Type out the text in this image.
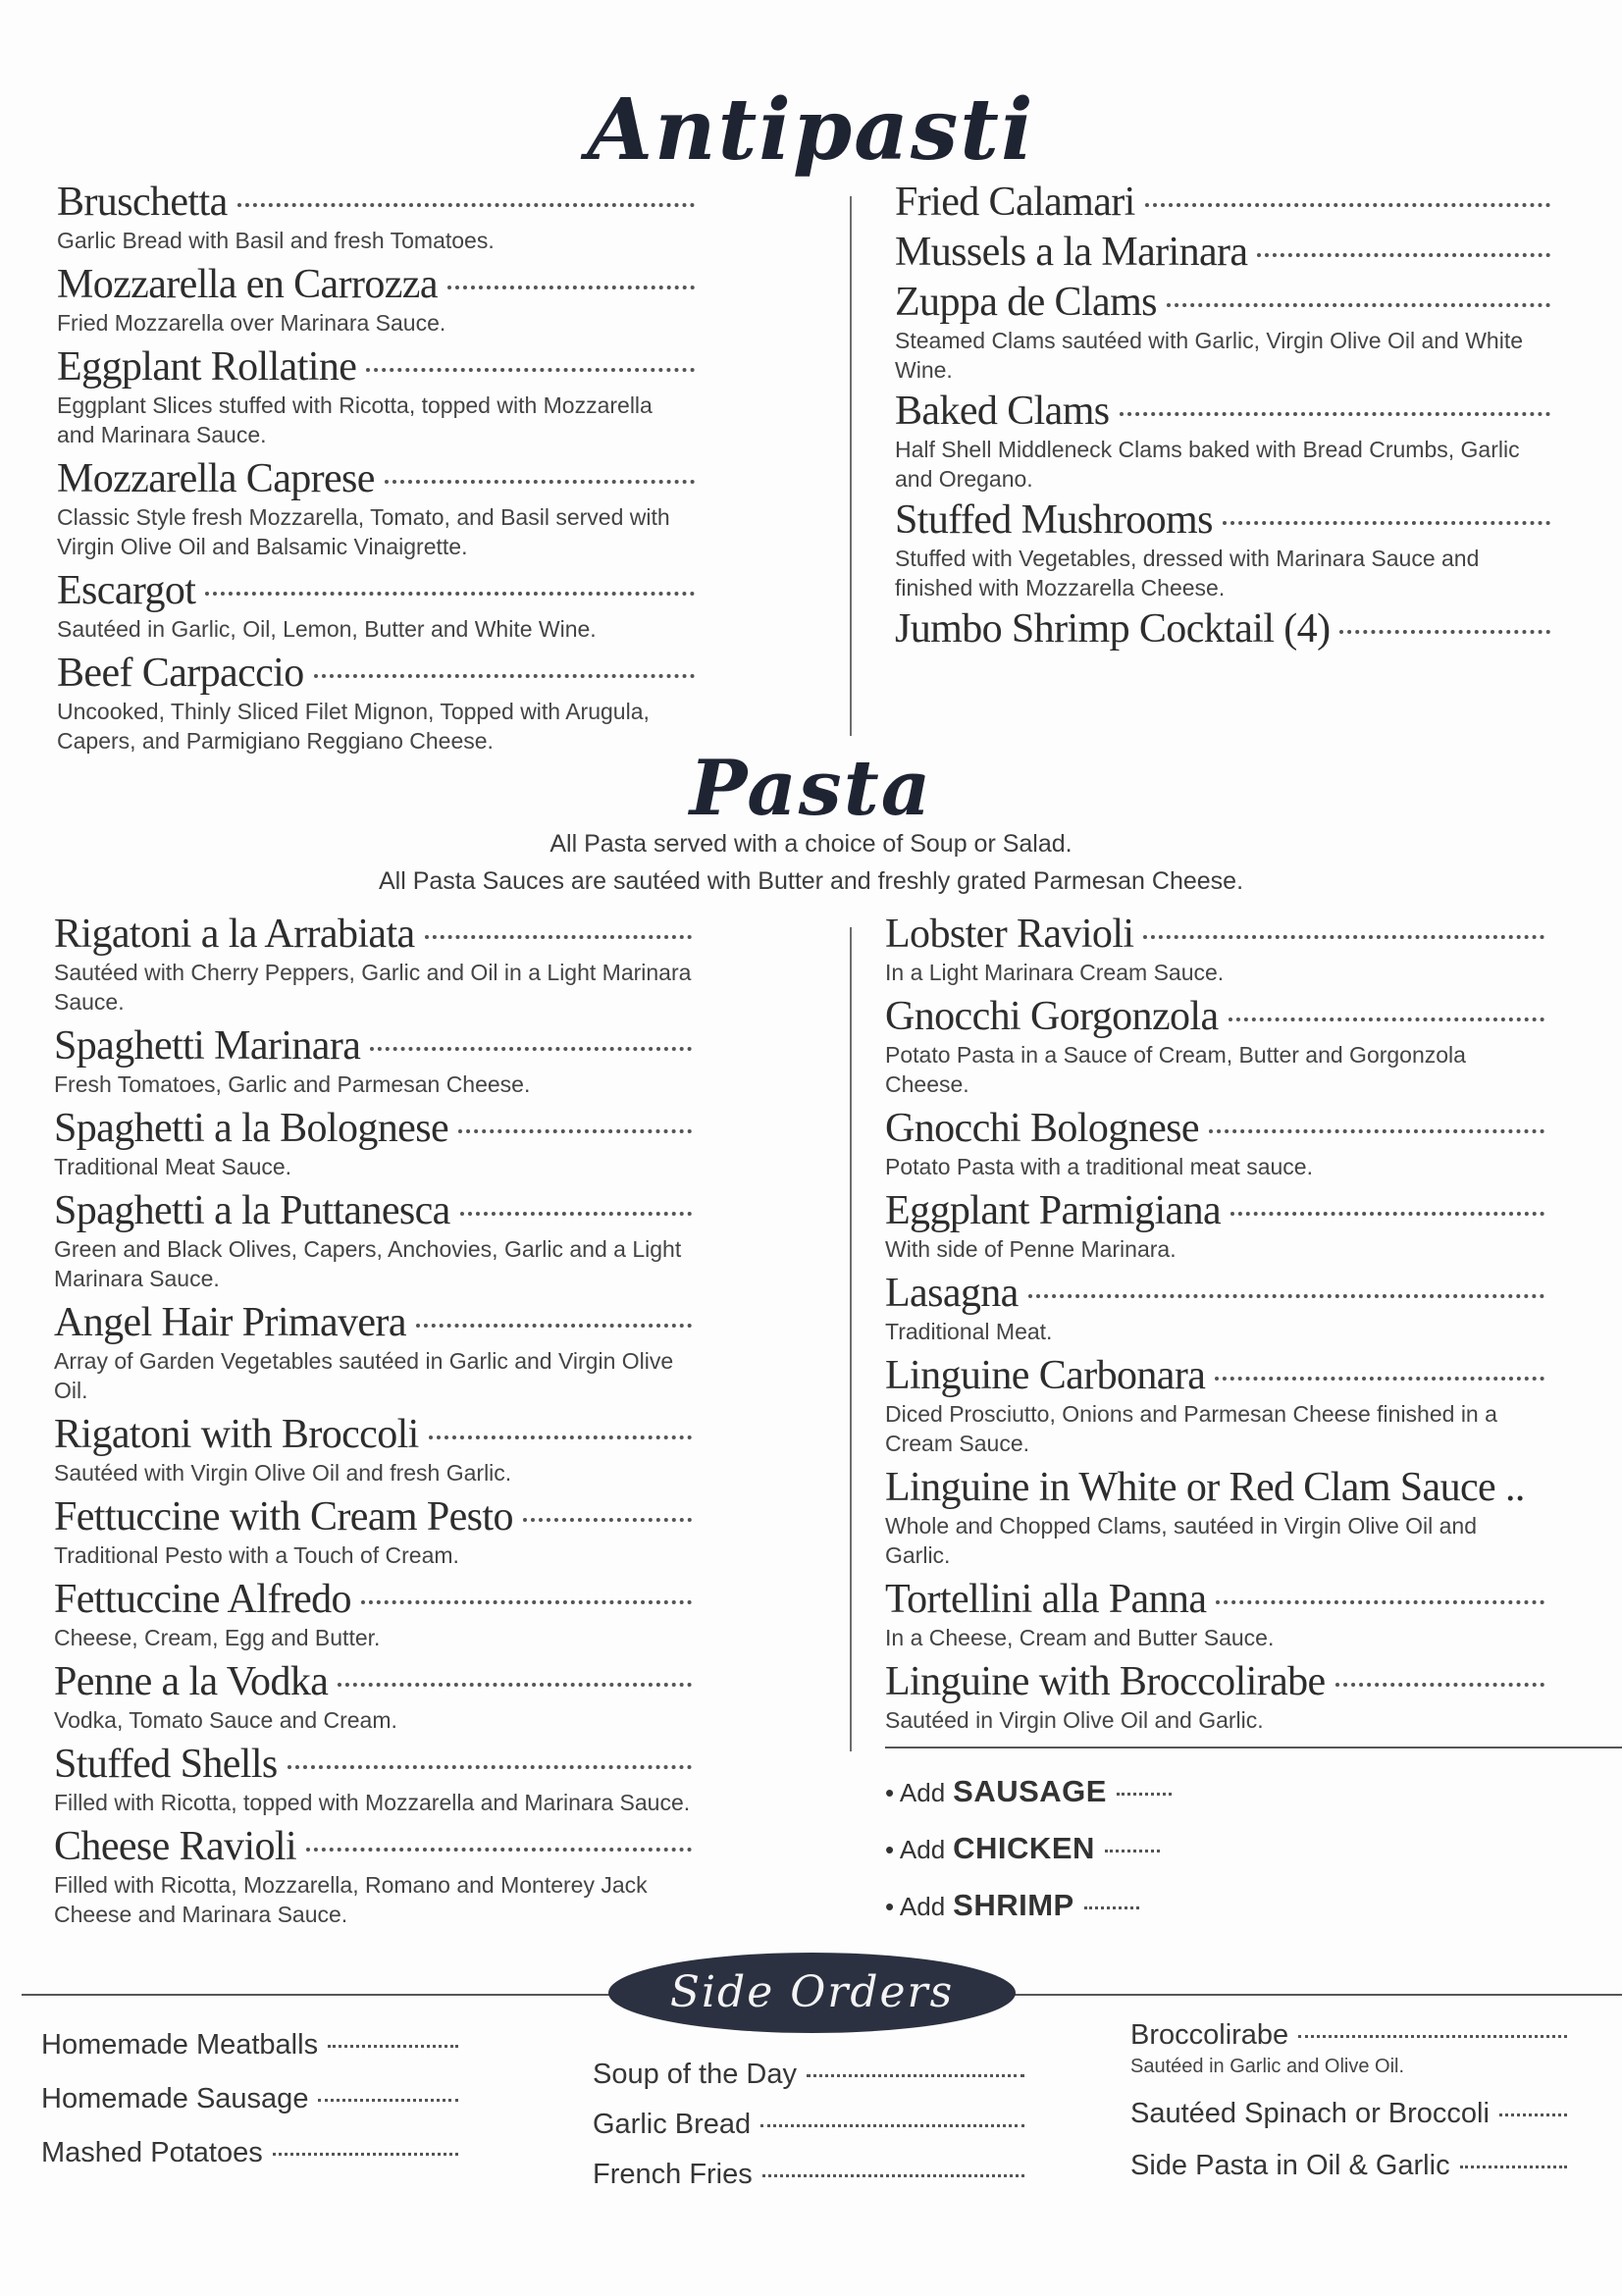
Antipasti
Bruschetta
Garlic Bread with Basil and fresh Tomatoes.
Mozzarella en Carrozza
Fried Mozzarella over Marinara Sauce.
Eggplant Rollatine
Eggplant Slices stuffed with Ricotta, topped with Mozzarella and Marinara Sauce.
Mozzarella Caprese
Classic Style fresh Mozzarella, Tomato, and Basil served with Virgin Olive Oil and Balsamic Vinaigrette.
Escargot
Sautéed in Garlic, Oil, Lemon, Butter and White Wine.
Beef Carpaccio
Uncooked, Thinly Sliced Filet Mignon, Topped with Arugula, Capers, and Parmigiano Reggiano Cheese.
Fried Calamari
Mussels a la Marinara
Zuppa de Clams
Steamed Clams sautéed with Garlic, Virgin Olive Oil and White Wine.
Baked Clams
Half Shell Middleneck Clams baked with Bread Crumbs, Garlic and Oregano.
Stuffed Mushrooms
Stuffed with Vegetables, dressed with Marinara Sauce and finished with Mozzarella Cheese.
Jumbo Shrimp Cocktail (4)
Pasta
All Pasta served with a choice of Soup or Salad.
All Pasta Sauces are sautéed with Butter and freshly grated Parmesan Cheese.
Rigatoni a la Arrabiata
Sautéed with Cherry Peppers, Garlic and Oil in a Light Marinara Sauce.
Spaghetti Marinara
Fresh Tomatoes, Garlic and Parmesan Cheese.
Spaghetti a la Bolognese
Traditional Meat Sauce.
Spaghetti a la Puttanesca
Green and Black Olives, Capers, Anchovies, Garlic and a Light Marinara Sauce.
Angel Hair Primavera
Array of Garden Vegetables sautéed in Garlic and Virgin Olive Oil.
Rigatoni with Broccoli
Sautéed with Virgin Olive Oil and fresh Garlic.
Fettuccine with Cream Pesto
Traditional Pesto with a Touch of Cream.
Fettuccine Alfredo
Cheese, Cream, Egg and Butter.
Penne a la Vodka
Vodka, Tomato Sauce and Cream.
Stuffed Shells
Filled with Ricotta, topped with Mozzarella and Marinara Sauce.
Cheese Ravioli
Filled with Ricotta, Mozzarella, Romano and Monterey Jack Cheese and Marinara Sauce.
Lobster Ravioli
In a Light Marinara Cream Sauce.
Gnocchi Gorgonzola
Potato Pasta in a Sauce of Cream, Butter and Gorgonzola Cheese.
Gnocchi Bolognese
Potato Pasta with a traditional meat sauce.
Eggplant Parmigiana
With side of Penne Marinara.
Lasagna
Traditional Meat.
Linguine Carbonara
Diced Prosciutto, Onions and Parmesan Cheese finished in a Cream Sauce.
Linguine in White or Red Clam Sauce ..
Whole and Chopped Clams, sautéed in Virgin Olive Oil and Garlic.
Tortellini alla Panna
In a Cheese, Cream and Butter Sauce.
Linguine with Broccolirabe
Sautéed in Virgin Olive Oil and Garlic.
• Add SAUSAGE
• Add CHICKEN
• Add SHRIMP
Side Orders
Homemade Meatballs
Homemade Sausage
Mashed Potatoes
Soup of the Day
Garlic Bread
French Fries
Broccolirabe
Sautéed in Garlic and Olive Oil.
Sautéed Spinach or Broccoli
Side Pasta in Oil & Garlic
